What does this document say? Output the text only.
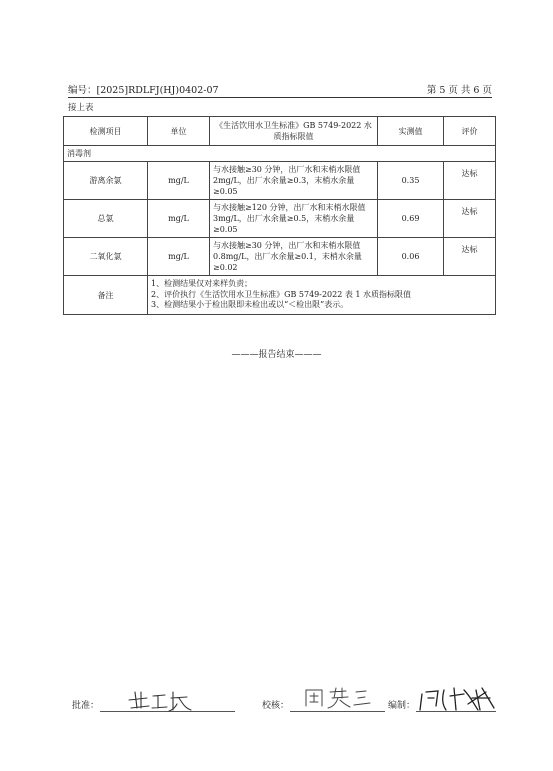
编号：[2025]RDLFJ(HJ)0402-07	第 5 页 共 6 页
接上表
检测项目	单位	《生活饮用水卫生标准》GB 5749-2022 水质指标限值	实测值	评价
消毒剂				
游离余氯	mg/L	与水接触≥30 分钟，出厂水和末梢水限值 2mg/L，出厂水余量≥0.3，末梢水余量≥0.05	0.35	达标
总氯	mg/L	与水接触≥120 分钟，出厂水和末梢水限值 3mg/L，出厂水余量≥0.5，末梢水余量≥0.05	0.69	达标
二氧化氯	mg/L	与水接触≥30 分钟，出厂水和末梢水限值 0.8mg/L，出厂水余量≥0.1，末梢水余量≥0.02	0.06	达标
备注	1、检测结果仅对来样负责；
2、评价执行《生活饮用水卫生标准》GB 5749-2022 表 1 水质指标限值
3、检测结果小于检出限即未检出或以“＜检出限”表示。			
———报告结束———
批准：	校核：	编制：
